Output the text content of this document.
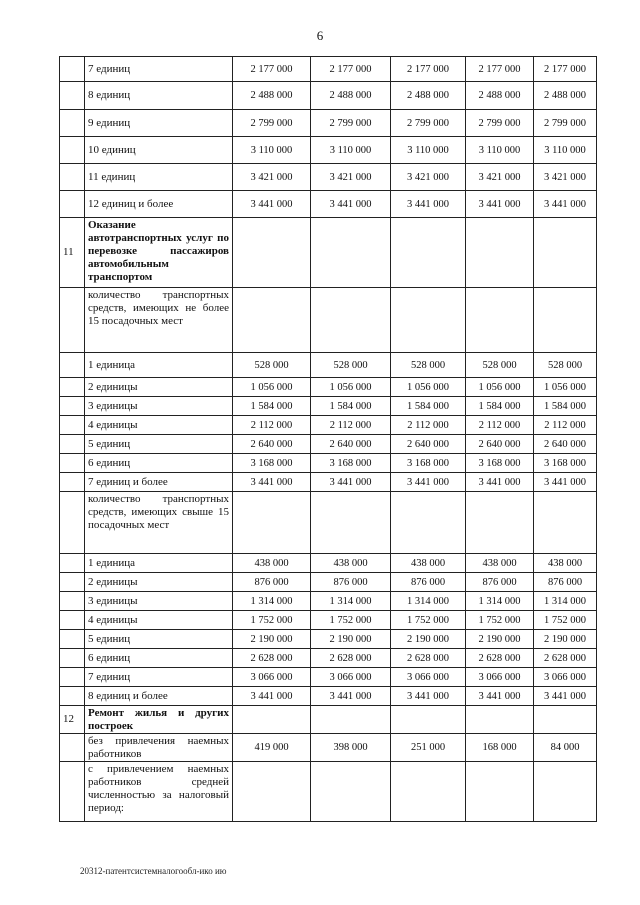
6
	7 единиц	2 177 000	2 177 000	2 177 000	2 177 000	2 177 000
	8 единиц	2 488 000	2 488 000	2 488 000	2 488 000	2 488 000
	9 единиц	2 799 000	2 799 000	2 799 000	2 799 000	2 799 000
	10 единиц	3 110 000	3 110 000	3 110 000	3 110 000	3 110 000
	11 единиц	3 421 000	3 421 000	3 421 000	3 421 000	3 421 000
	12 единиц и более	3 441 000	3 441 000	3 441 000	3 441 000	3 441 000
11	Оказание автотранспортных услуг по перевозке пассажиров автомобильным транспортом					
	количество транспортных средств, имеющих не более 15 посадочных мест					
	1 единица	528 000	528 000	528 000	528 000	528 000
	2 единицы	1 056 000	1 056 000	1 056 000	1 056 000	1 056 000
	3 единицы	1 584 000	1 584 000	1 584 000	1 584 000	1 584 000
	4 единицы	2 112 000	2 112 000	2 112 000	2 112 000	2 112 000
	5 единиц	2 640 000	2 640 000	2 640 000	2 640 000	2 640 000
	6 единиц	3 168 000	3 168 000	3 168 000	3 168 000	3 168 000
	7 единиц и более	3 441 000	3 441 000	3 441 000	3 441 000	3 441 000
	количество транспортных средств, имеющих свыше 15 посадочных мест					
	1 единица	438 000	438 000	438 000	438 000	438 000
	2 единицы	876 000	876 000	876 000	876 000	876 000
	3 единицы	1 314 000	1 314 000	1 314 000	1 314 000	1 314 000
	4 единицы	1 752 000	1 752 000	1 752 000	1 752 000	1 752 000
	5 единиц	2 190 000	2 190 000	2 190 000	2 190 000	2 190 000
	6 единиц	2 628 000	2 628 000	2 628 000	2 628 000	2 628 000
	7 единиц	3 066 000	3 066 000	3 066 000	3 066 000	3 066 000
	8 единиц и более	3 441 000	3 441 000	3 441 000	3 441 000	3 441 000
12	Ремонт жилья и других построек					
	без привлечения наемных работников	419 000	398 000	251 000	168 000	84 000
	с привлечением наемных работников средней численностью за налоговый период:					
20312-патентсистемналогообл-ико ию
